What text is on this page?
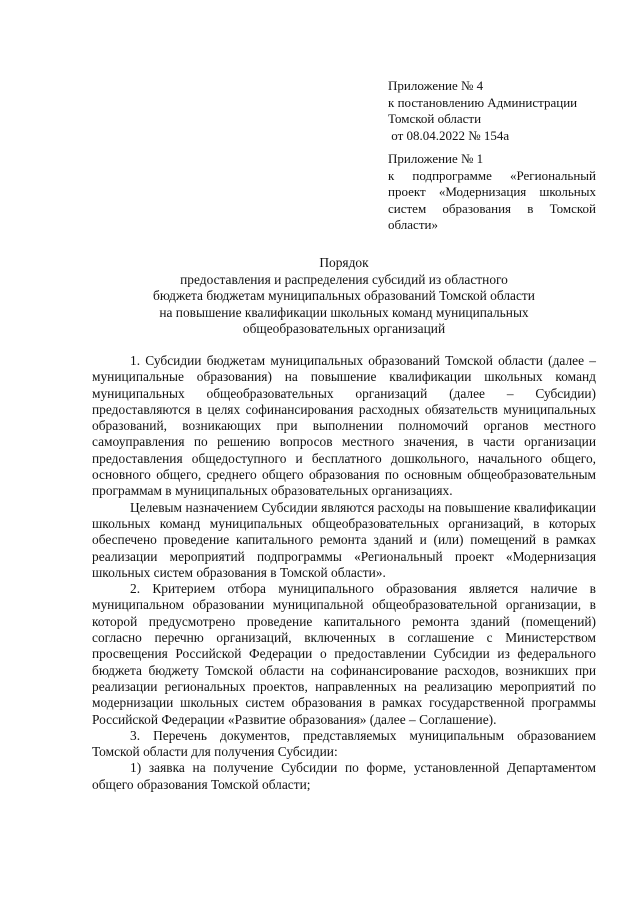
Приложение № 4

к постановлению Администрации

Томской области

от 08.04.2022 № 154а

Приложение № 1

к подпрограмме «Региональный проект «Модернизация школьных систем образования в Томской области»

Порядок

предоставления и распределения субсидий из областного

бюджета бюджетам муниципальных образований Томской области

на повышение квалификации школьных команд муниципальных

общеобразовательных организаций

1. Субсидии бюджетам муниципальных образований Томской области (далее – муниципальные образования) на повышение квалификации школьных команд муниципальных общеобразовательных организаций (далее – Субсидии) предоставляются в целях софинансирования расходных обязательств муниципальных образований, возникающих при выполнении полномочий органов местного самоуправления по решению вопросов местного значения, в части организации предоставления общедоступного и бесплатного дошкольного, начального общего, основного общего, среднего общего образования по основным общеобразовательным программам в муниципальных образовательных организациях.

Целевым назначением Субсидии являются расходы на повышение квалификации школьных команд муниципальных общеобразовательных организаций, в которых обеспечено проведение капитального ремонта зданий и (или) помещений в рамках реализации мероприятий подпрограммы «Региональный проект «Модернизация школьных систем образования в Томской области».

2. Критерием отбора муниципального образования является наличие в муниципальном образовании муниципальной общеобразовательной организации, в которой предусмотрено проведение капитального ремонта зданий (помещений) согласно перечню организаций, включенных в соглашение с Министерством просвещения Российской Федерации о предоставлении Субсидии из федерального бюджета бюджету Томской области на софинансирование расходов, возникших при реализации региональных проектов, направленных на реализацию мероприятий по модернизации школьных систем образования в рамках государственной программы Российской Федерации «Развитие образования» (далее – Соглашение).

3. Перечень документов, представляемых муниципальным образованием Томской области для получения Субсидии:

1) заявка на получение Субсидии по форме, установленной Департаментом общего образования Томской области;
